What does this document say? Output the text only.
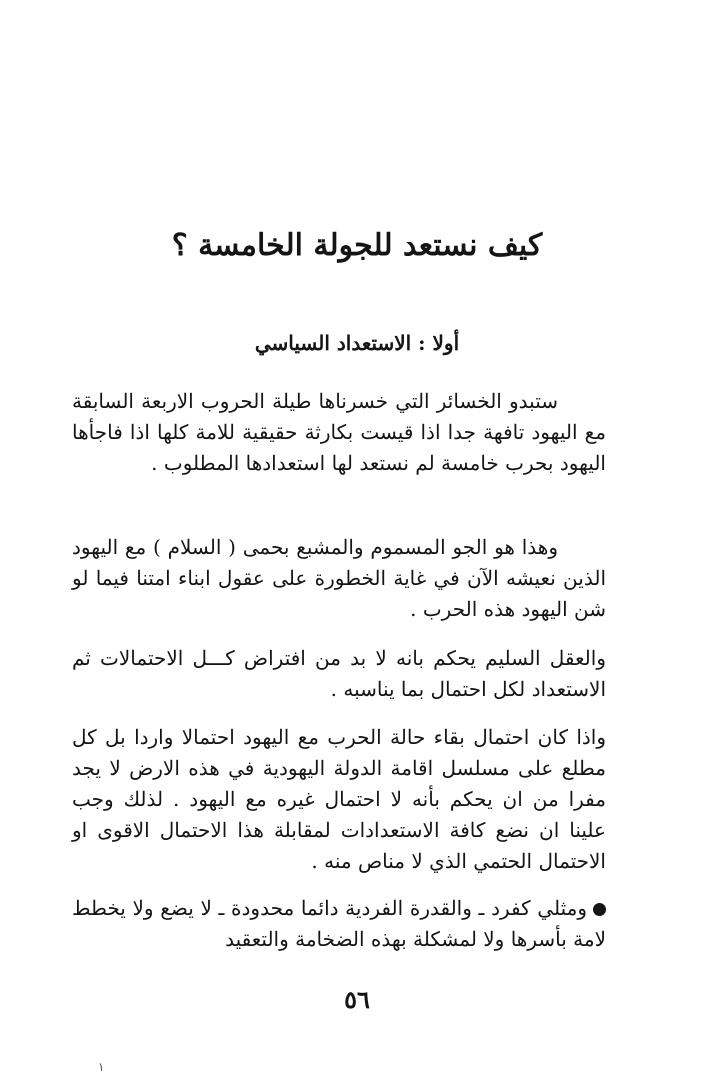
كيف نستعد للجولة الخامسة ؟
أولا : الاستعداد السياسي

ستبدو الخسائر التي خسرناها طيلة الحروب الاربعة السابقة مع اليهود تافهة جدا اذا قيست بكارثة حقيقية للامة كلها اذا فاجأها اليهود بحرب خامسة لم نستعد لها استعدادها المطلوب .

وهذا هو الجو المسموم والمشبع بحمى ( السلام ) مع اليهود الذين نعيشه الآن في غاية الخطورة على عقول ابناء امتنا فيما لو شن اليهود هذه الحرب .

والعقل السليم يحكم بانه لا بد من افتراض كـــل الاحتمالات ثم الاستعداد لكل احتمال بما يناسبه .

واذا كان احتمال بقاء حالة الحرب مع اليهود احتمالا واردا بل كل مطلع على مسلسل اقامة الدولة اليهودية في هذه الارض لا يجد مفرا من ان يحكم بأنه لا احتمال غيره مع اليهود . لذلك وجب علينا ان نضع كافة الاستعدادات لمقابلة هذا الاحتمال الاقوى او الاحتمال الحتمي الذي لا مناص منه .

ومثلي كفرد ـ والقدرة الفردية دائما محدودة ـ لا يضع ولا يخطط لامة بأسرها ولا لمشكلة بهذه الضخامة والتعقيد

٥٦
١
